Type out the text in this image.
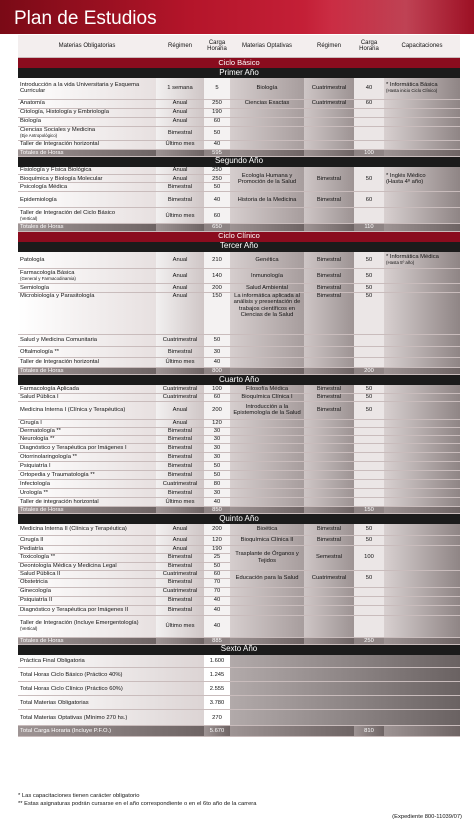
Plan de Estudios
Materias Obligatorias	Régimen	Carga Horaria	Materias Optativas	Régimen	Carga Horaria	Capacitaciones
Ciclo Básico						
Primer Año						
Introducción a la vida Universitaria y Esquema Curricular	1 semana	5	Biología	Cuatrimestral	40	* Informática Básica
(Hasta inicio Ciclo Clínico)
Anatomía	Anual	250	Ciencias Exactas	Cuatrimestral	60	
Citología, Histología y Embriología	Anual	190				
Biología	Anual	60				
Ciencias Sociales y Medicina
(Eje Antropológico)	Bimestral	50				
Taller de Integración horizontal	Último mes	40				
Totales de Horas		595			100	
Segundo Año						
Fisiología y Física Biológica	Anual	250	Ecología Humana y Promoción de la Salud	Bimestral	50	* Inglés Médico
(Hasta 4º año)
Bioquímica y Biología Molecular	Anual	250				
Psicología Médica	Bimestral	50				
Epidemiología	Bimestral	40	Historia de la Medicina	Bimestral	60	
Taller de Integración del Ciclo Básico
(Vertical)	Último mes	60				
Totales de Horas		650			110	
Ciclo Clínico						
Tercer Año						
Patología	Anual	210	Genética	Bimestral	50	* Informática Médica
(Hasta 5º año)
Farmacología Básica
(General y Farmacodinamia)	Anual	140	Inmunología	Bimestral	50	
Semiología	Anual	200	Salud Ambiental	Bimestral	50	
Microbiología y Parasitología	Anual	150	La informática aplicada al análisis y presentación de trabajos científicos en Ciencias de la Salud	Bimestral	50	
Salud y Medicina Comunitaria	Cuatrimestral	50				
Oftalmología **	Bimestral	30				
Taller de Integración horizontal	Último mes	40				
Totales de Horas		800			200	
Cuarto Año						
Farmacología Aplicada	Cuatrimestral	100	Filosofía Médica	Bimestral	50	
Salud Pública I	Cuatrimestral	60	Bioquímica Clínica I	Bimestral	50	
Medicina Interna I (Clínica y Terapéutica)	Anual	200	Introducción a la Epistemología de la Salud	Bimestral	50	
Cirugía I	Anual	120				
Dermatología **	Bimestral	30				
Neurología **	Bimestral	30				
Diagnóstico y Terapéutica por Imágenes I	Bimestral	30				
Otorrinolaringología **	Bimestral	30				
Psiquiatría I	Bimestral	50				
Ortopedia y Traumatología **	Bimestral	50				
Infectología	Cuatrimestral	80				
Urología **	Bimestral	30				
Taller de integración horizontal	Último mes	40				
Totales de Horas		850			150	
Quinto Año						
Medicina Interna II (Clínica y Terapéutica)	Anual	200	Bioética	Bimestral	50	
Cirugía II	Anual	120	Bioquímica Clínica II	Bimestral	50	
Pediatría	Anual	190	Trasplante de Órganos y Tejidos	Semestral	100	
Toxicología **	Bimestral	25				
Deontología Médica y Medicina Legal	Bimestral	50				
Salud Pública II	Cuatrimestral	60	Educación para la Salud	Cuatrimestral	50	
Obstetricia	Bimestral	70				
Ginecología	Cuatrimestral	70				
Psiquiatría II	Bimestral	40				
Diagnóstico y Terapéutica por Imágenes II	Bimestral	40				
Taller de Integración (Incluye Emergentología)
(Vertical)	Último mes	40				
Totales de Horas		885			250	
Sexto Año						
Práctica Final Obligatoria		1.600				
Total Horas Ciclo Básico (Práctico 40%)		1.245				
Total Horas Ciclo Clínico (Práctico 60%)		2.555				
Total Materias Obligatorias		3.780				
Total Materias Optativas (Mínimo 270 hs.)		270				
Total Carga Horaria (Incluye P.F.O.)		5.670			810	
* Las capacitaciones tienen carácter obligatorio
** Estas asignaturas podrán cursarse en el año correspondiente o en el 6to año de la carrera
(Expediente 800-11039/07)
